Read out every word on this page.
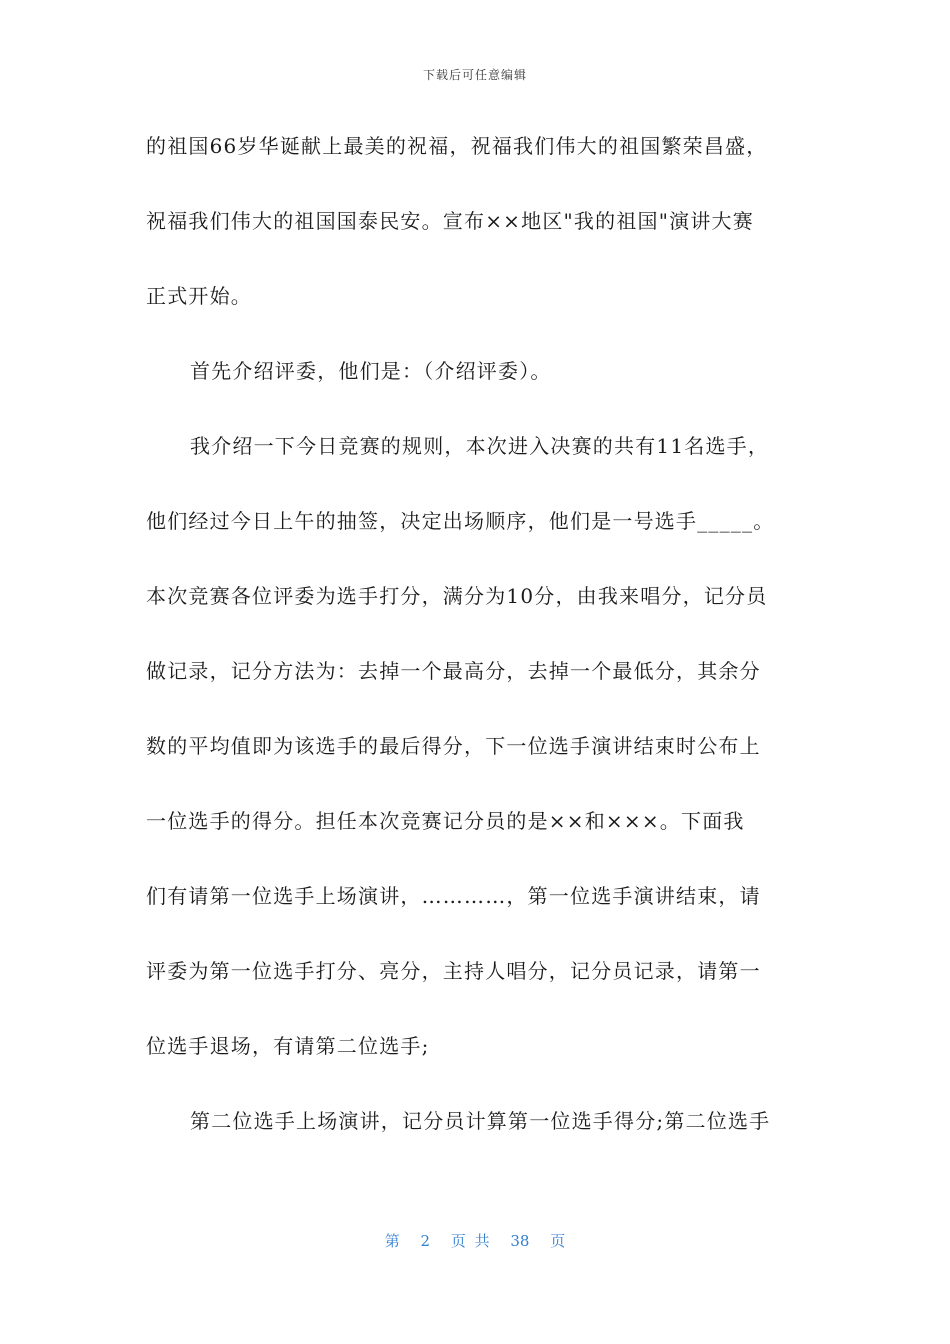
下载后可任意编辑
的祖国66岁华诞献上最美的祝福，祝福我们伟大的祖国繁荣昌盛，
祝福我们伟大的祖国国泰民安。宣布××地区"我的祖国"演讲大赛
正式开始。
首先介绍评委，他们是：（介绍评委）。
我介绍一下今日竞赛的规则，本次进入决赛的共有11名选手，
他们经过今日上午的抽签，决定出场顺序，他们是一号选手_____。
本次竞赛各位评委为选手打分，满分为10分，由我来唱分，记分员
做记录，记分方法为：去掉一个最高分，去掉一个最低分，其余分
数的平均值即为该选手的最后得分，下一位选手演讲结束时公布上
一位选手的得分。担任本次竞赛记分员的是××和×××。下面我
们有请第一位选手上场演讲，…………，第一位选手演讲结束，请
评委为第一位选手打分、亮分，主持人唱分，记分员记录，请第一
位选手退场，有请第二位选手;
第二位选手上场演讲，记分员计算第一位选手得分;第二位选手
第 2 页 共 38 页
